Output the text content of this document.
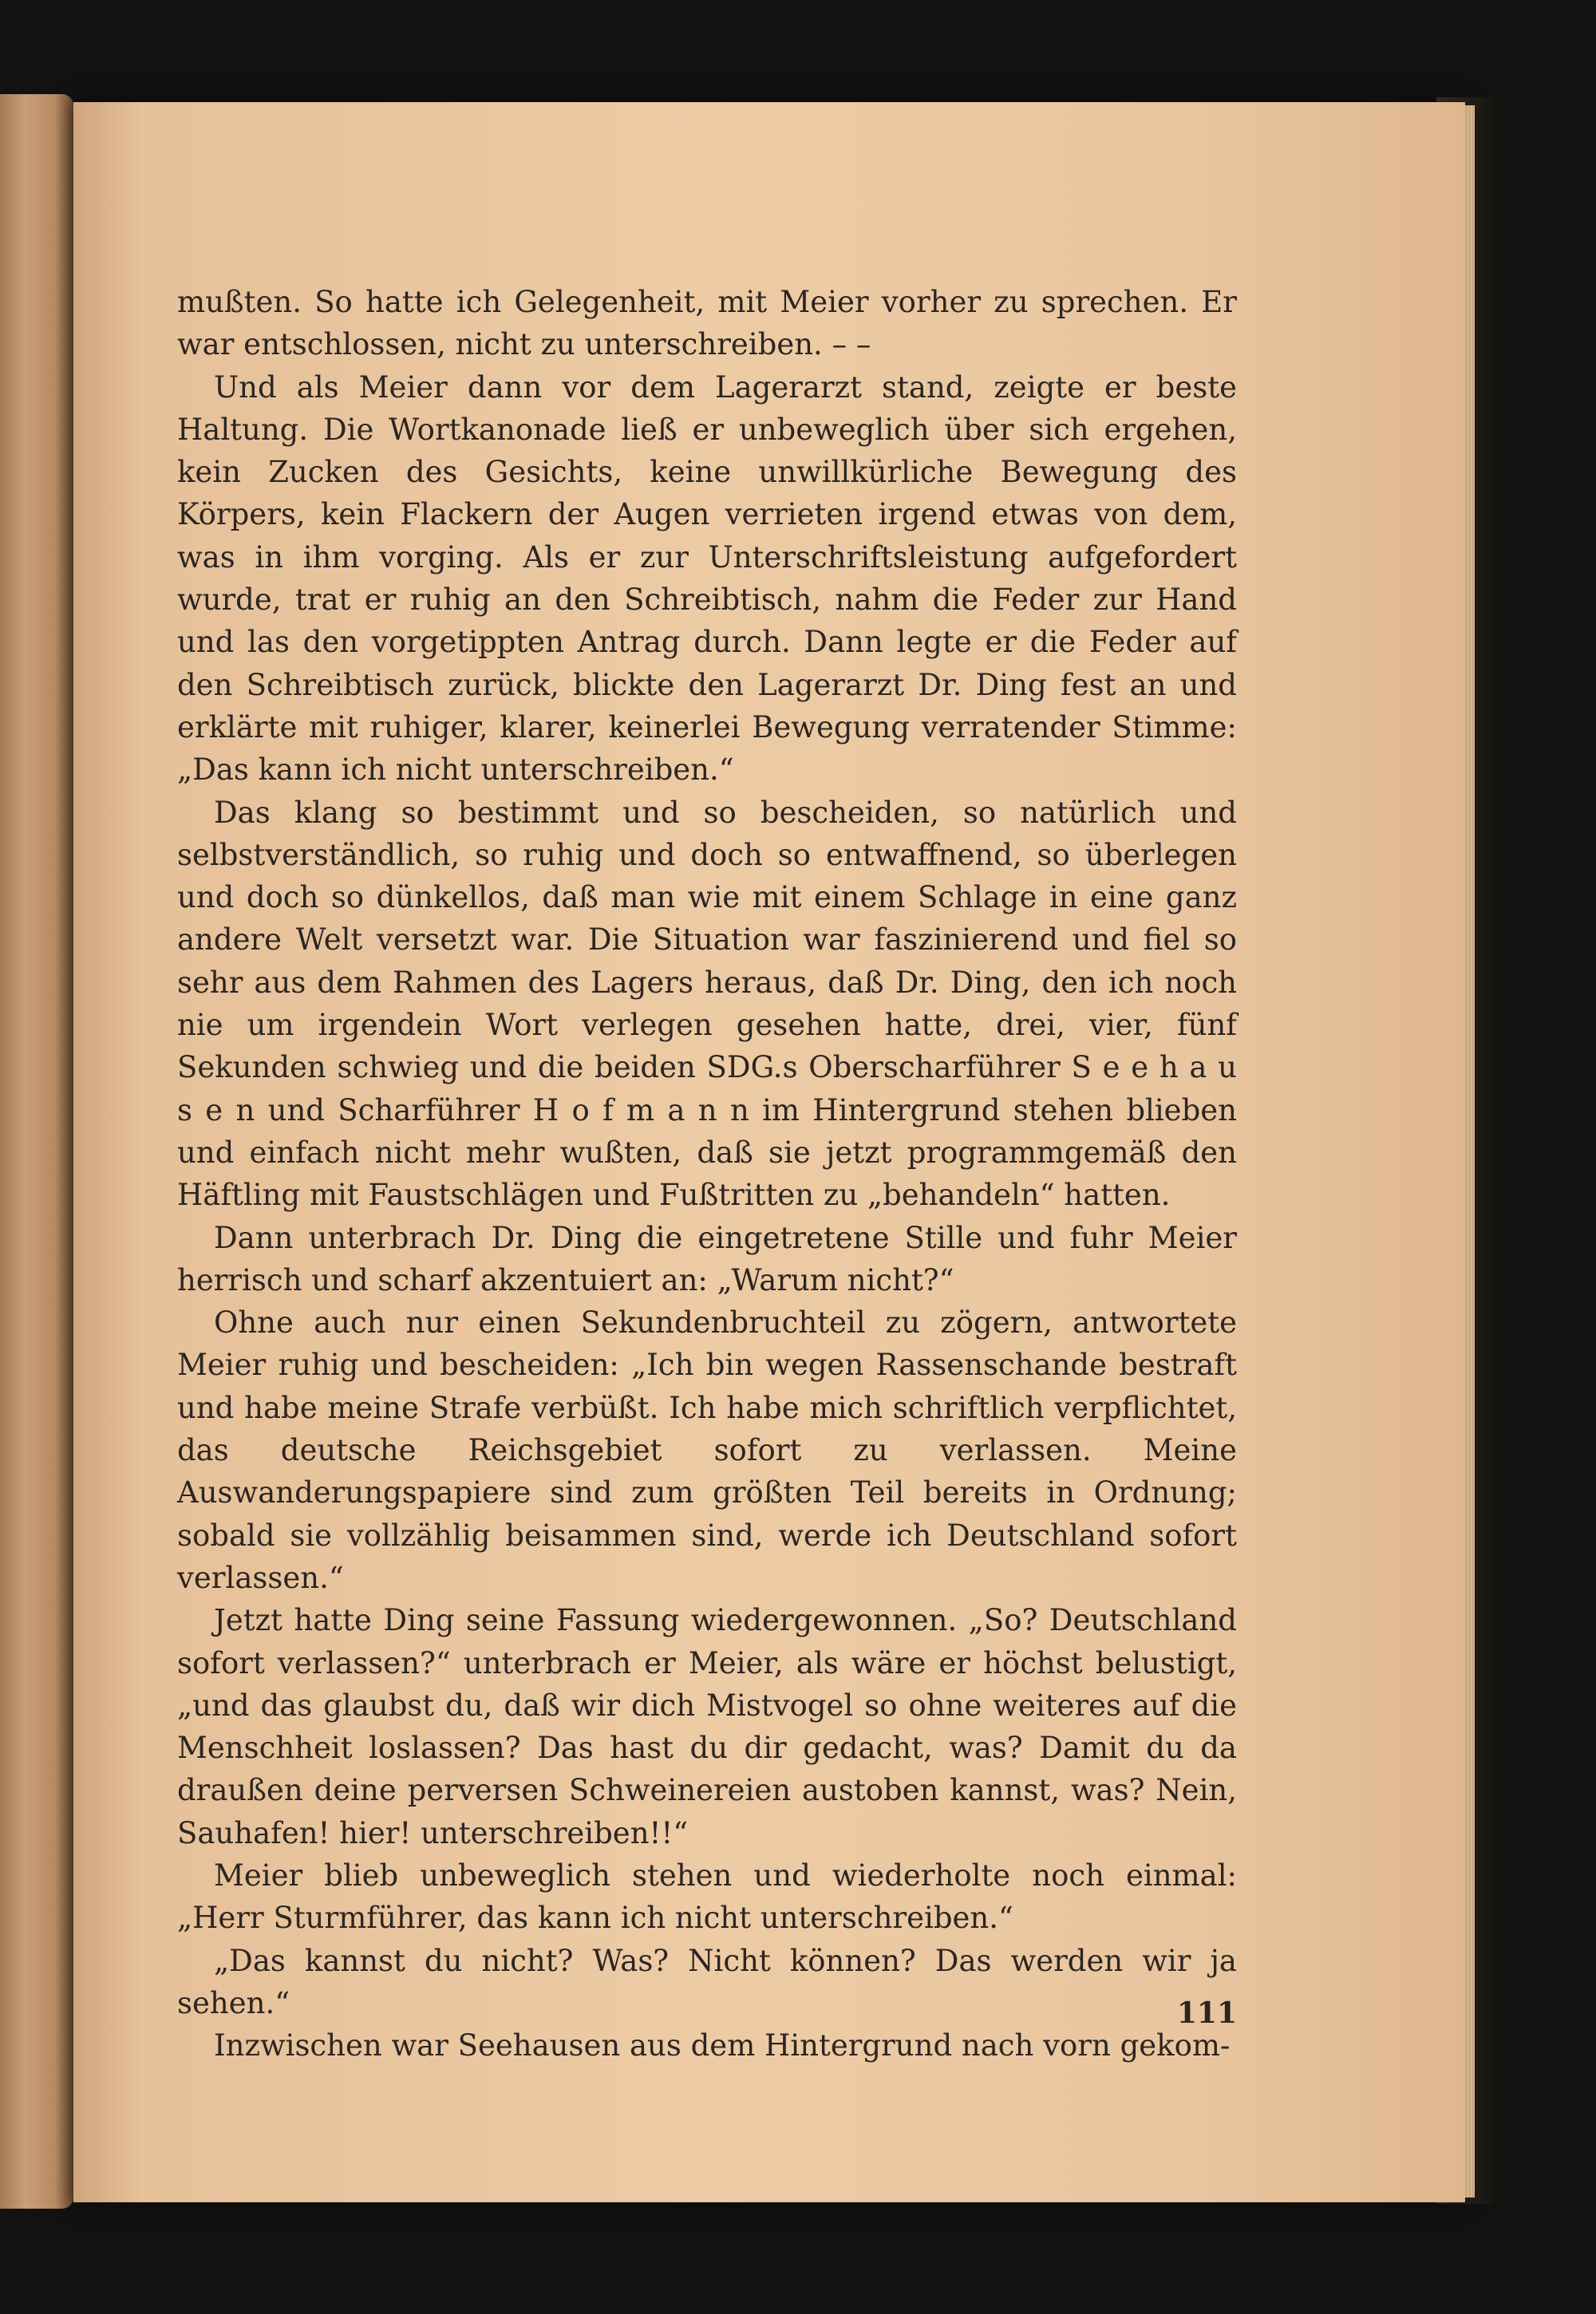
mußten. So hatte ich Gelegenheit, mit Meier vorher zu sprechen. Er war entschlossen, nicht zu unterschreiben. – –

Und als Meier dann vor dem Lagerarzt stand, zeigte er beste Haltung. Die Wortkanonade ließ er unbeweglich über sich ergehen, kein Zucken des Gesichts, keine unwillkürliche Bewegung des Körpers, kein Flackern der Augen verrieten irgend etwas von dem, was in ihm vorging. Als er zur Unterschriftsleistung aufgefordert wurde, trat er ruhig an den Schreibtisch, nahm die Feder zur Hand und las den vorgetippten Antrag durch. Dann legte er die Feder auf den Schreibtisch zurück, blickte den Lagerarzt Dr. Ding fest an und erklärte mit ruhiger, klarer, keinerlei Bewegung verratender Stimme: „Das kann ich nicht unterschreiben.“

Das klang so bestimmt und so bescheiden, so natürlich und selbstverständlich, so ruhig und doch so entwaffnend, so überlegen und doch so dünkellos, daß man wie mit einem Schlage in eine ganz andere Welt versetzt war. Die Situation war faszinierend und fiel so sehr aus dem Rahmen des Lagers heraus, daß Dr. Ding, den ich noch nie um irgendein Wort verlegen gesehen hatte, drei, vier, fünf Sekunden schwieg und die beiden SDG.s Oberscharführer S e e h a u s e n und Scharführer H o f m a n n im Hintergrund stehen blieben und einfach nicht mehr wußten, daß sie jetzt programmgemäß den Häftling mit Faustschlägen und Fußtritten zu „behandeln“ hatten.

Dann unterbrach Dr. Ding die eingetretene Stille und fuhr Meier herrisch und scharf akzentuiert an: „Warum nicht?“

Ohne auch nur einen Sekundenbruchteil zu zögern, antwortete Meier ruhig und bescheiden: „Ich bin wegen Rassenschande bestraft und habe meine Strafe verbüßt. Ich habe mich schriftlich verpflichtet, das deutsche Reichsgebiet sofort zu verlassen. Meine Auswanderungspapiere sind zum größten Teil bereits in Ordnung; sobald sie vollzählig beisammen sind, werde ich Deutschland sofort verlassen.“

Jetzt hatte Ding seine Fassung wiedergewonnen. „So? Deutschland sofort verlassen?“ unterbrach er Meier, als wäre er höchst belustigt, „und das glaubst du, daß wir dich Mistvogel so ohne weiteres auf die Menschheit loslassen? Das hast du dir gedacht, was? Damit du da draußen deine perversen Schweinereien austoben kannst, was? Nein, Sauhafen! hier! unterschreiben!!“

Meier blieb unbeweglich stehen und wiederholte noch einmal: „Herr Sturmführer, das kann ich nicht unterschreiben.“

„Das kannst du nicht? Was? Nicht können? Das werden wir ja sehen.“

Inzwischen war Seehausen aus dem Hintergrund nach vorn gekom-

111
